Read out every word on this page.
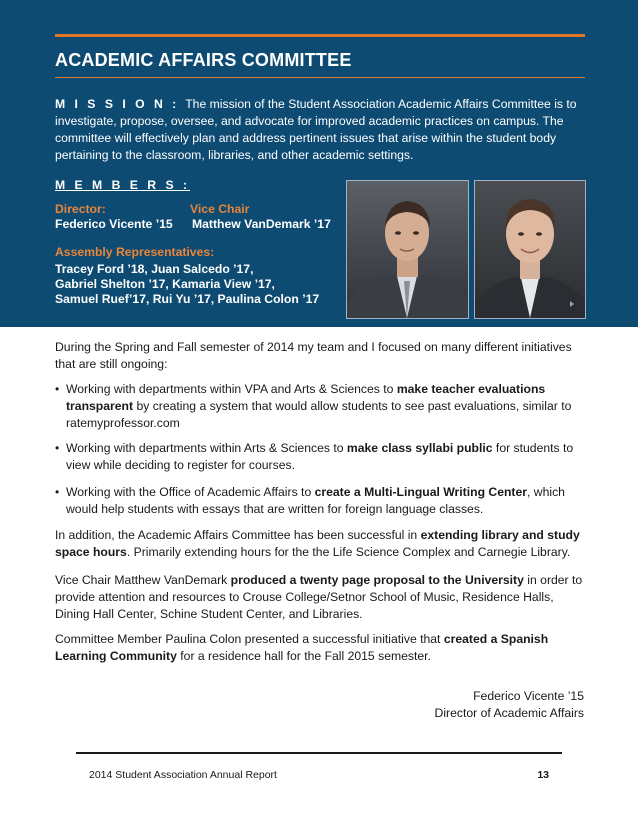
ACADEMIC AFFAIRS COMMITTEE
M I S S I O N : The mission of the Student Association Academic Affairs Committee is to investigate, propose, oversee, and advocate for improved academic practices on campus. The committee will effectively plan and address pertinent issues that arise within the student body pertaining to the classroom, libraries, and other academic settings.
M E M B E R S :
Director:	Vice Chair
Federico Vicente ’15 Matthew VanDemark ’17
Assembly Representatives:
Tracey Ford ’18, Juan Salcedo ’17,
Gabriel Shelton ’17, Kamaria View ’17,
Samuel Ruef’17, Rui Yu ’17, Paulina Colon ’17
During the Spring and Fall semester of 2014 my team and I focused on many different initiatives that are still ongoing:
• Working with departments within VPA and Arts & Sciences to make teacher evaluations transparent by creating a system that would allow students to see past evaluations, similar to ratemyprofessor.com
• Working with departments within Arts & Sciences to make class syllabi public for students to view while deciding to register for courses.
• Working with the Office of Academic Affairs to create a Multi-Lingual Writing Center, which would help students with essays that are written for foreign language classes.
In addition, the Academic Affairs Committee has been successful in extending library and study space hours. Primarily extending hours for the the Life Science Complex and Carnegie Library.
Vice Chair Matthew VanDemark produced a twenty page proposal to the University in order to provide attention and resources to Crouse College/Setnor School of Music, Residence Halls, Dining Hall Center, Schine Student Center, and Libraries.
Committee Member Paulina Colon presented a successful initiative that created a Spanish Learning Community for a residence hall for the Fall 2015 semester.
Federico Vicente ’15
Director of Academic Affairs
2014 Student Association Annual Report	13
